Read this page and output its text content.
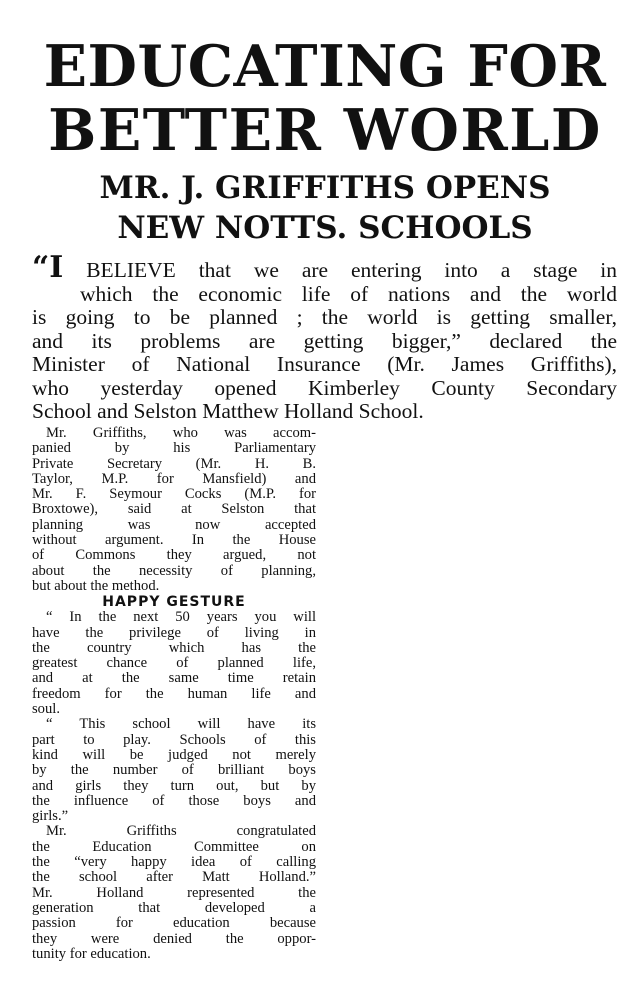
EDUCATING FOR
BETTER WORLD
MR. J. GRIFFITHS OPENS
NEW NOTTS. SCHOOLS
“I BELIEVE that we are entering into a stage in
which the economic life of nations and the world
is going to be planned ; the world is getting smaller,
and its problems are getting bigger,” declared the
Minister of National Insurance (Mr. James Griffiths),
who yesterday opened Kimberley County Secondary
School and Selston Matthew Holland School.
Mr. Griffiths, who was accom-
panied by his Parliamentary
Private Secretary (Mr. H. B.
Taylor, M.P. for Mansfield) and
Mr. F. Seymour Cocks (M.P. for
Broxtowe), said at Selston that
planning was now accepted
without argument. In the House
of Commons they argued, not
about the necessity of planning,
but about the method.
HAPPY GESTURE
“ In the next 50 years you will
have the privilege of living in
the country which has the
greatest chance of planned life,
and at the same time retain
freedom for the human life and
soul.
“ This school will have its
part to play. Schools of this
kind will be judged not merely
by the number of brilliant boys
and girls they turn out, but by
the influence of those boys and
girls.”
Mr. Griffiths congratulated
the Education Committee on
the “very happy idea of calling
the school after Matt Holland.”
Mr. Holland represented the
generation that developed a
passion for education because
they were denied the oppor-
tunity for education.
